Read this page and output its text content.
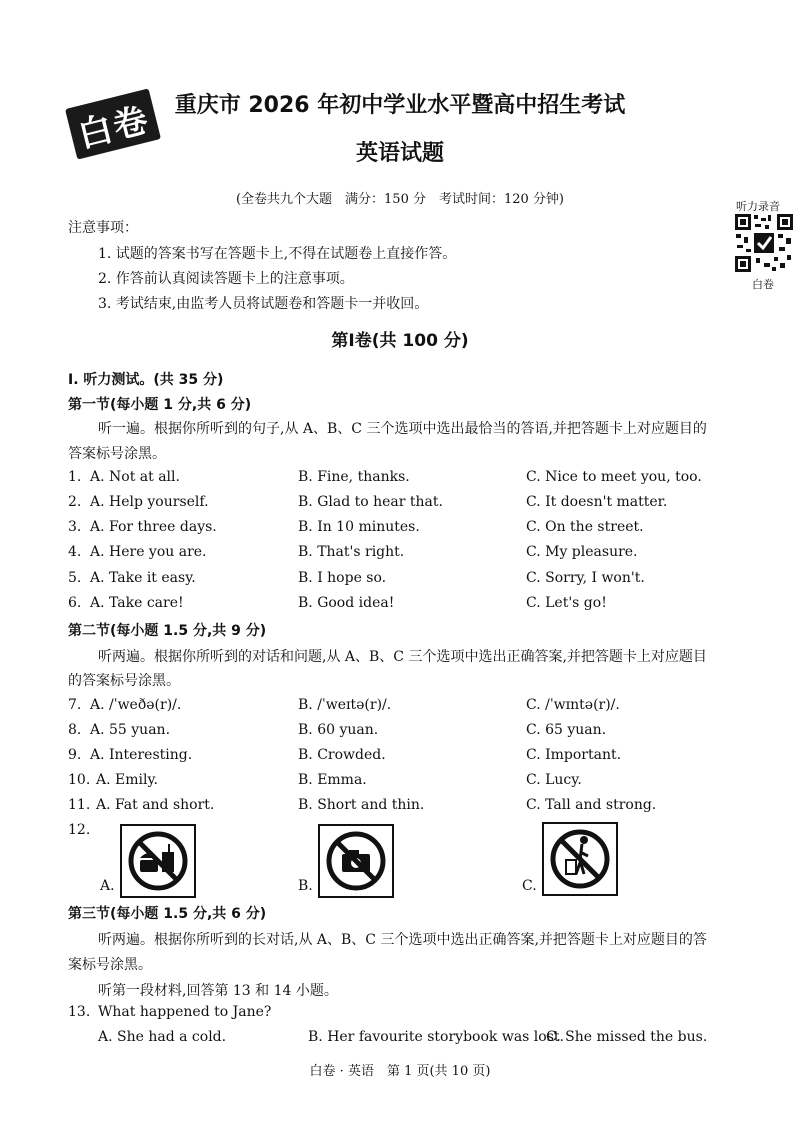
白卷 重庆市 2026 年初中学业水平暨高中招生考试
英语试题
(全卷共九个大题　满分：150 分　考试时间：120 分钟)	听力录音
白卷
注意事项：
1. 试题的答案书写在答题卡上,不得在试题卷上直接作答。
2. 作答前认真阅读答题卡上的注意事项。
3. 考试结束,由监考人员将试题卷和答题卡一并收回。
第Ⅰ卷(共 100 分)
Ⅰ. 听力测试。(共 35 分)
第一节(每小题 1 分,共 6 分)
听一遍。根据你所听到的句子,从 A、B、C 三个选项中选出最恰当的答语,并把答题卡上对应题目的
答案标号涂黑。
1. A. Not at all.	B. Fine, thanks.	C. Nice to meet you, too.
2. A. Help yourself.	B. Glad to hear that.	C. It doesn't matter.
3. A. For three days.	B. In 10 minutes.	C. On the street.
4. A. Here you are.	B. That's right.	C. My pleasure.
5. A. Take it easy.	B. I hope so.	C. Sorry, I won't.
6. A. Take care!	B. Good idea!	C. Let's go!
第二节(每小题 1.5 分,共 9 分)
听两遍。根据你所听到的对话和问题,从 A、B、C 三个选项中选出正确答案,并把答题卡上对应题目
的答案标号涂黑。
7. A. /ˈweðə(r)/.	B. /ˈweɪtə(r)/.	C. /ˈwɪntə(r)/.
8. A. 55 yuan.	B. 60 yuan.	C. 65 yuan.
9. A. Interesting.	B. Crowded.	C. Important.
10. A. Emily.	B. Emma.	C. Lucy.
11. A. Fat and short.	B. Short and thin.	C. Tall and strong.
12.
A.	B.	C.
第三节(每小题 1.5 分,共 6 分)
听两遍。根据你所听到的长对话,从 A、B、C 三个选项中选出正确答案,并把答题卡上对应题目的答
案标号涂黑。
听第一段材料,回答第 13 和 14 小题。
13. What happened to Jane?
A. She had a cold.	B. Her favourite storybook was lost.
C. She missed the bus.
白卷 · 英语　第 1 页(共 10 页)
